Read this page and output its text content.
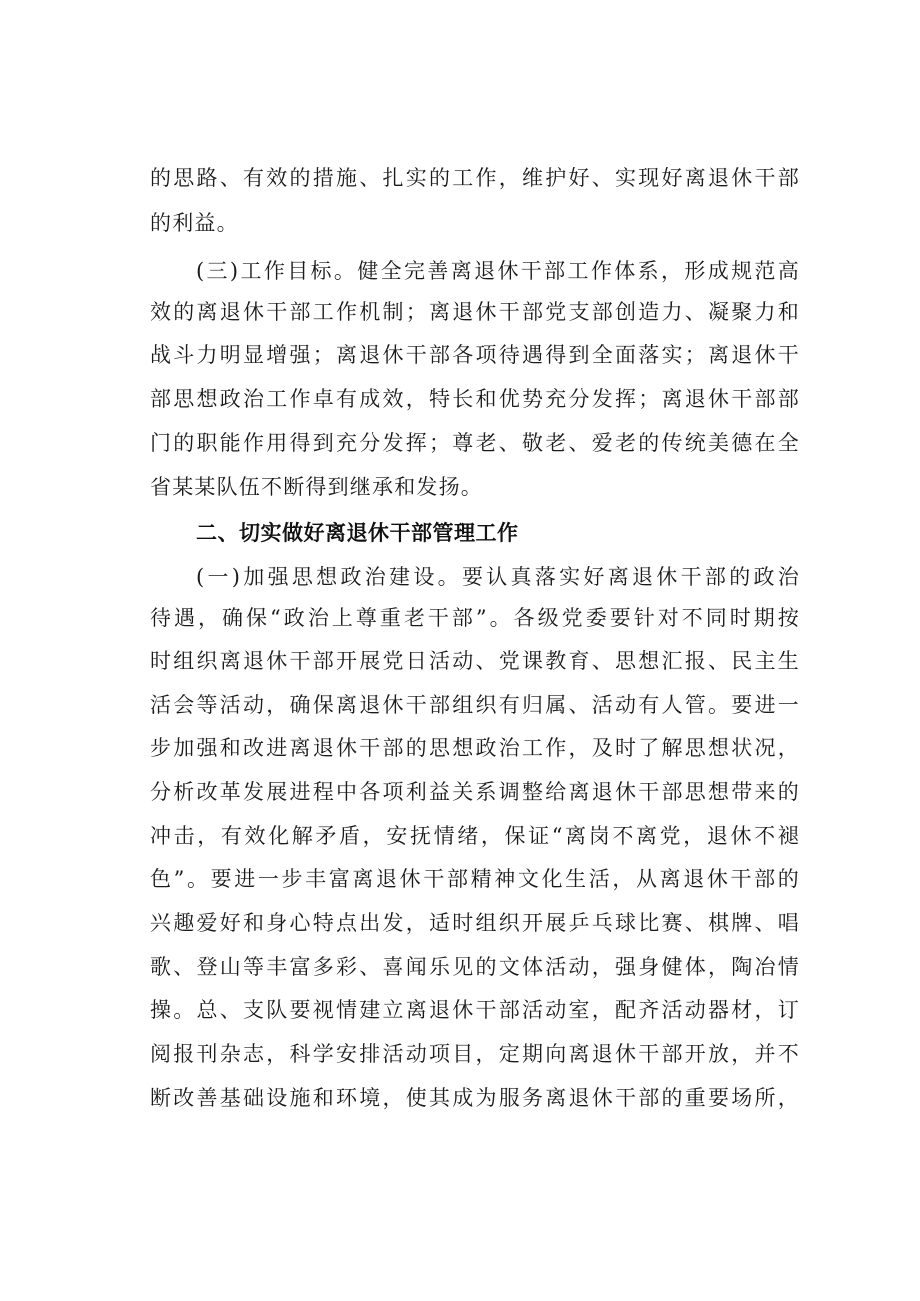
的思路、有效的措施、扎实的工作，维护好、实现好离退休干部
的利益。
(三)工作目标。健全完善离退休干部工作体系，形成规范高
效的离退休干部工作机制；离退休干部党支部创造力、凝聚力和
战斗力明显增强；离退休干部各项待遇得到全面落实；离退休干
部思想政治工作卓有成效，特长和优势充分发挥；离退休干部部
门的职能作用得到充分发挥；尊老、敬老、爱老的传统美德在全
省某某队伍不断得到继承和发扬。
二、切实做好离退休干部管理工作
(一)加强思想政治建设。要认真落实好离退休干部的政治
待遇，确保“政治上尊重老干部”。各级党委要针对不同时期按
时组织离退休干部开展党日活动、党课教育、思想汇报、民主生
活会等活动，确保离退休干部组织有归属、活动有人管。要进一
步加强和改进离退休干部的思想政治工作，及时了解思想状况，
分析改革发展进程中各项利益关系调整给离退休干部思想带来的
冲击，有效化解矛盾，安抚情绪，保证“离岗不离党，退休不褪
色”。要进一步丰富离退休干部精神文化生活，从离退休干部的
兴趣爱好和身心特点出发，适时组织开展乒乓球比赛、棋牌、唱
歌、登山等丰富多彩、喜闻乐见的文体活动，强身健体，陶冶情
操。总、支队要视情建立离退休干部活动室，配齐活动器材，订
阅报刊杂志，科学安排活动项目，定期向离退休干部开放，并不
断改善基础设施和环境，使其成为服务离退休干部的重要场所，
